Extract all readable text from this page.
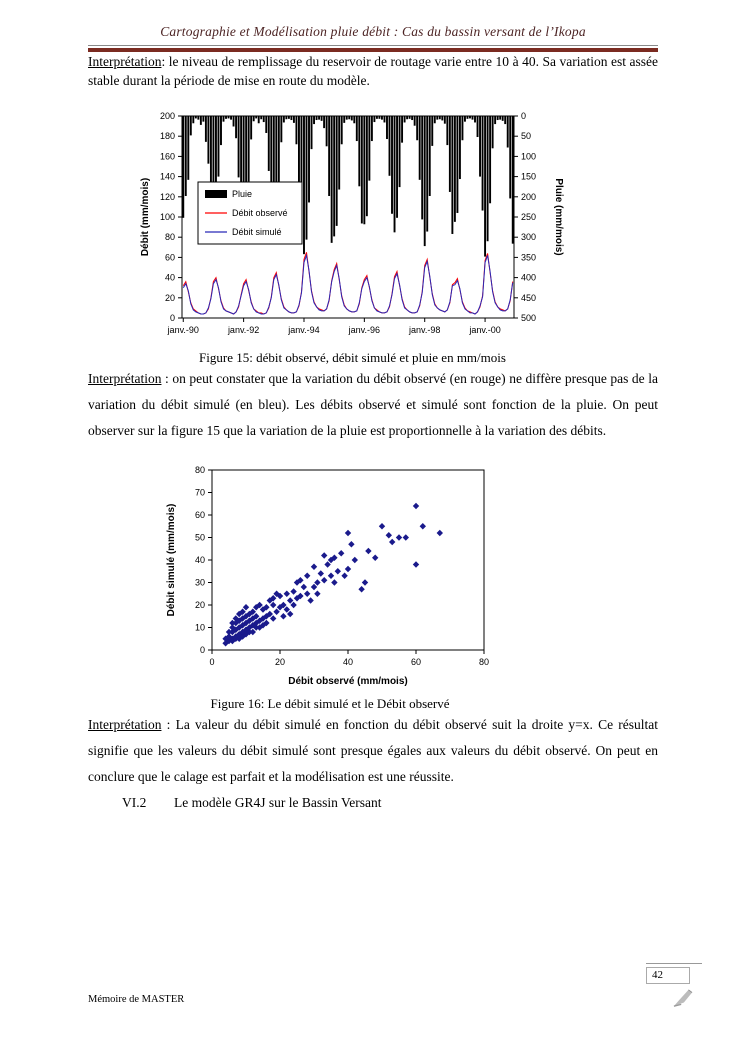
Cartographie et Modélisation pluie débit : Cas du bassin versant de l’Ikopa

Interprétation: le niveau de remplissage du reservoir de routage varie entre 10 à 40. Sa variation est assée stable durant la période de mise en route du modèle.

0
20
40
60
80
100
120
140
160
180
200	0
50
100
150
200
250
300
350
400
450
500
janv.-90	janv.-92	janv.-94	janv.-96	janv.-98	janv.-00
Débit (mm/mois)	Pluie (mm/mois)
Pluie
Débit observé
Débit simulé

Figure 15: débit observé, débit simulé et pluie en mm/mois

Interprétation : on peut constater que la variation du débit observé (en rouge) ne diffère presque pas de la variation du débit simulé (en bleu). Les débits observé et simulé sont fonction de la pluie. On peut observer sur la figure 15 que la variation de la pluie est proportionnelle à la variation des débits.

0
10
20
30
40
50
60
70
80
0	20	40	60	80
Débit simulé (mm/mois)
Débit observé (mm/mois)

Figure 16: Le débit simulé et le Débit observé

Interprétation : La valeur du débit simulé en fonction du débit observé suit la droite y=x. Ce résultat signifie que les valeurs du débit simulé sont presque égales aux valeurs du débit observé. On peut en conclure que le calage est parfait et la modélisation est une réussite.

VI.2 Le modèle GR4J sur le Bassin Versant

Mémoire de MASTER
42
